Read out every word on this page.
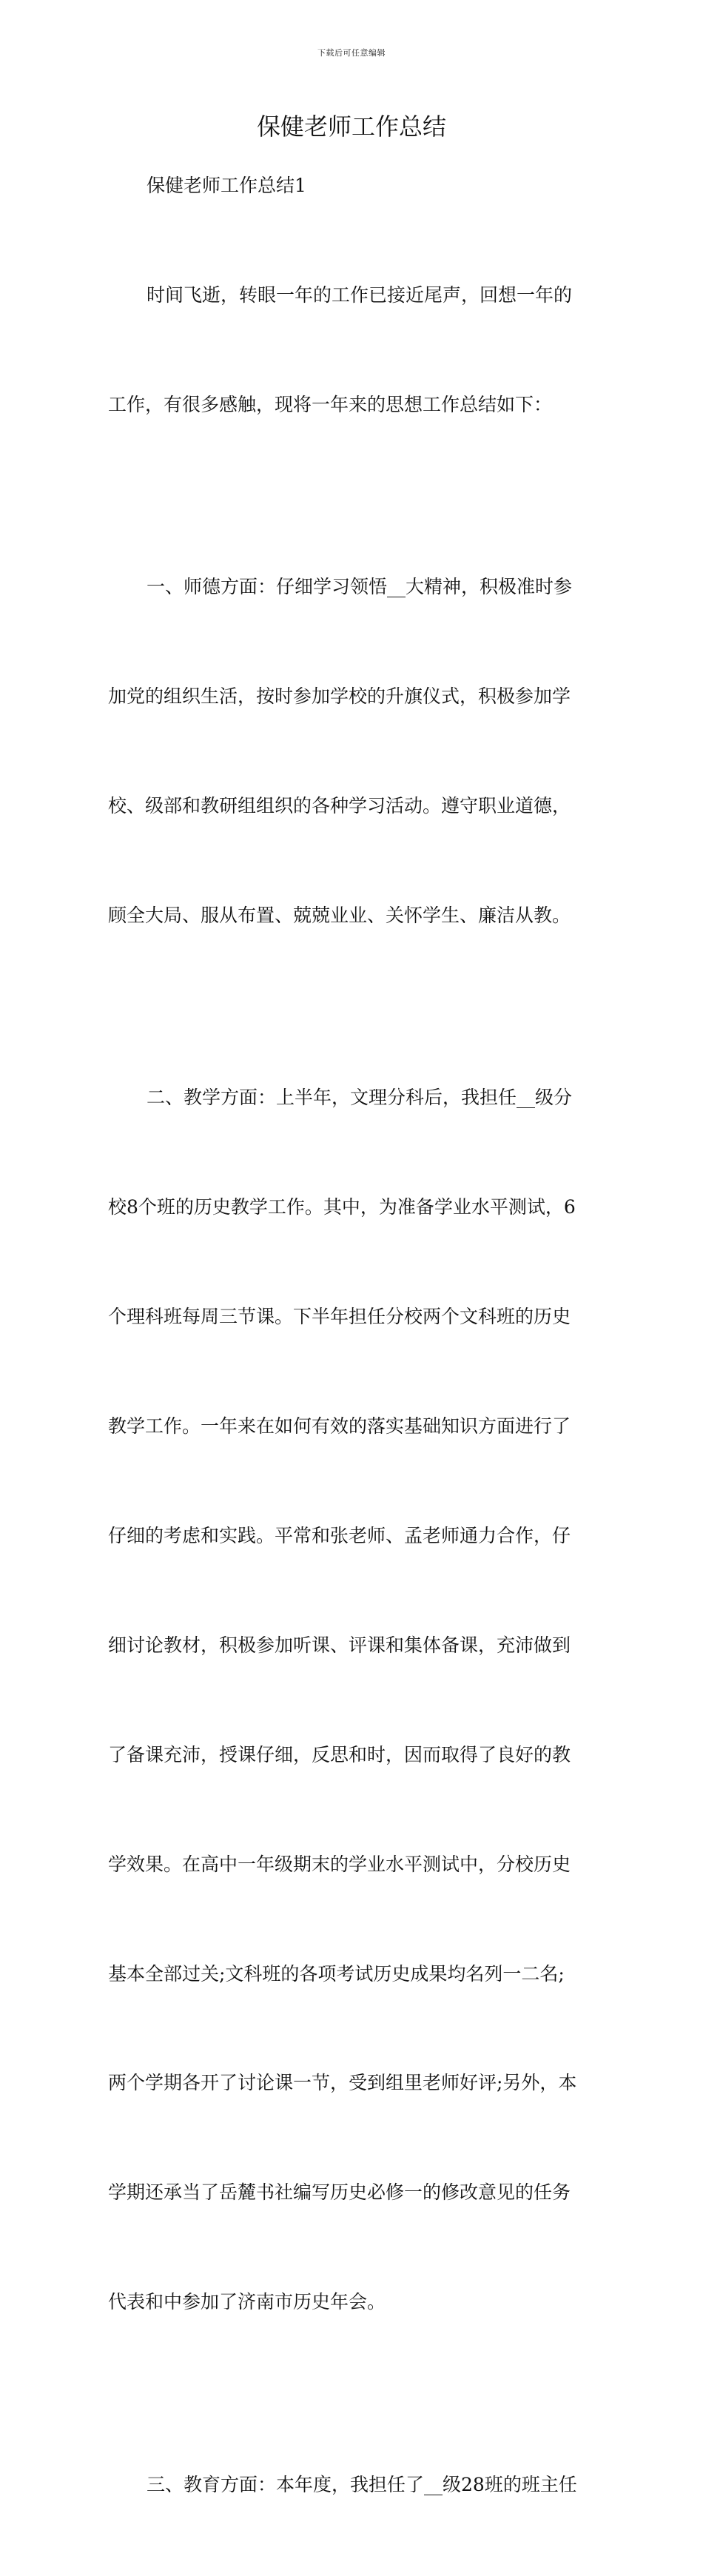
下载后可任意编辑
保健老师工作总结

保健老师工作总结1

时间飞逝，转眼一年的工作已接近尾声，回想一年的

工作，有很多感触，现将一年来的思想工作总结如下：

一、师德方面：仔细学习领悟__大精神，积极准时参

加党的组织生活，按时参加学校的升旗仪式，积极参加学

校、级部和教研组组织的各种学习活动。遵守职业道德，

顾全大局、服从布置、兢兢业业、关怀学生、廉洁从教。

二、教学方面：上半年，文理分科后，我担任__级分

校8个班的历史教学工作。其中，为准备学业水平测试，6

个理科班每周三节课。下半年担任分校两个文科班的历史

教学工作。一年来在如何有效的落实基础知识方面进行了

仔细的考虑和实践。平常和张老师、孟老师通力合作，仔

细讨论教材，积极参加听课、评课和集体备课，充沛做到

了备课充沛，授课仔细，反思和时，因而取得了良好的教

学效果。在高中一年级期末的学业水平测试中，分校历史

基本全部过关;文科班的各项考试历史成果均名列一二名;

两个学期各开了讨论课一节，受到组里老师好评;另外，本

学期还承当了岳麓书社编写历史必修一的修改意见的任务

代表和中参加了济南市历史年会。

三、教育方面：本年度，我担任了__级28班的班主任
